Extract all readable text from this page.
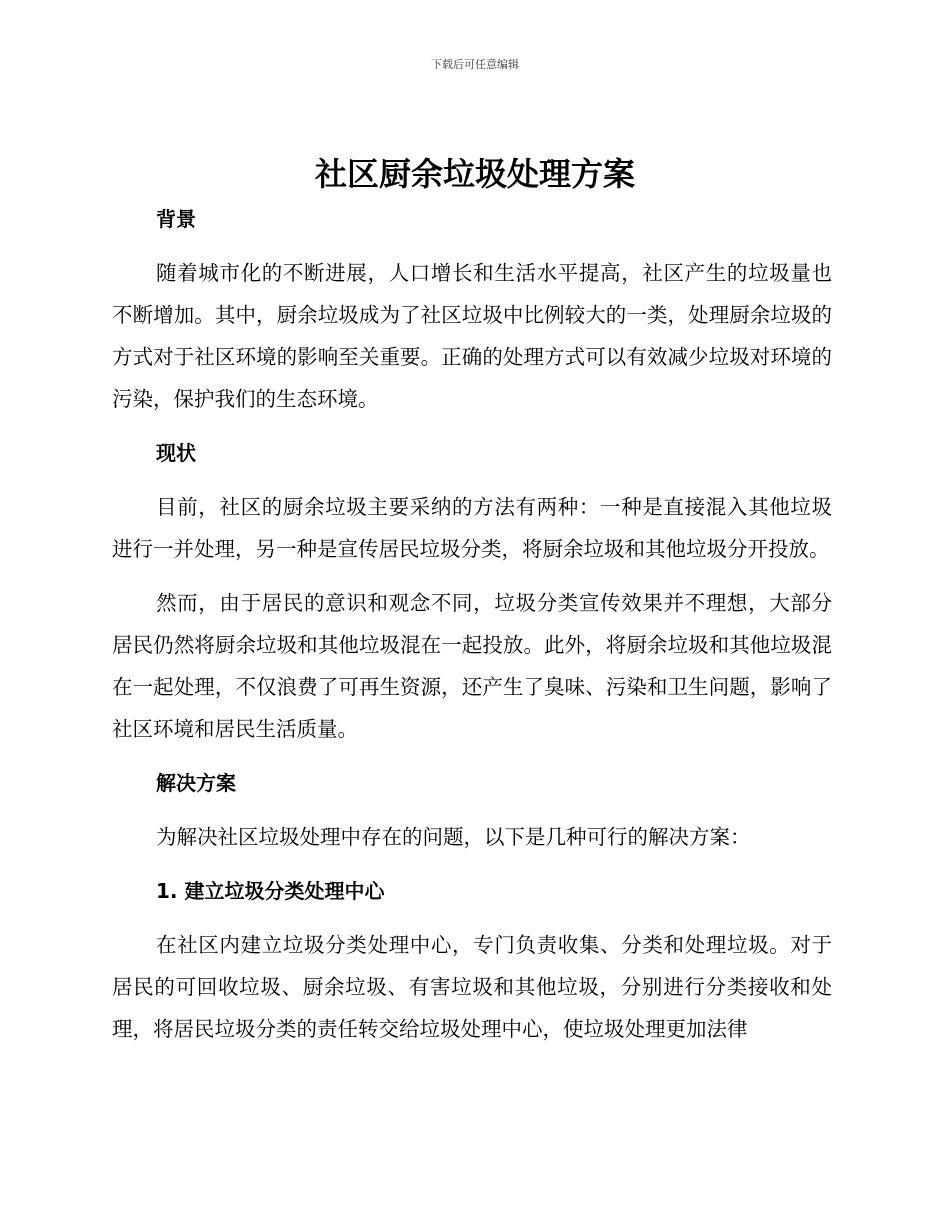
下载后可任意编辑
社区厨余垃圾处理方案

背景

随着城市化的不断进展，人口增长和生活水平提高，社区产生的垃圾量也不断增加。其中，厨余垃圾成为了社区垃圾中比例较大的一类，处理厨余垃圾的方式对于社区环境的影响至关重要。正确的处理方式可以有效减少垃圾对环境的污染，保护我们的生态环境。

现状

目前，社区的厨余垃圾主要采纳的方法有两种：一种是直接混入其他垃圾进行一并处理，另一种是宣传居民垃圾分类，将厨余垃圾和其他垃圾分开投放。

然而，由于居民的意识和观念不同，垃圾分类宣传效果并不理想，大部分居民仍然将厨余垃圾和其他垃圾混在一起投放。此外，将厨余垃圾和其他垃圾混在一起处理，不仅浪费了可再生资源，还产生了臭味、污染和卫生问题，影响了社区环境和居民生活质量。

解决方案

为解决社区垃圾处理中存在的问题，以下是几种可行的解决方案：

1. 建立垃圾分类处理中心

在社区内建立垃圾分类处理中心，专门负责收集、分类和处理垃圾。对于居民的可回收垃圾、厨余垃圾、有害垃圾和其他垃圾，分别进行分类接收和处理，将居民垃圾分类的责任转交给垃圾处理中心，使垃圾处理更加法律
